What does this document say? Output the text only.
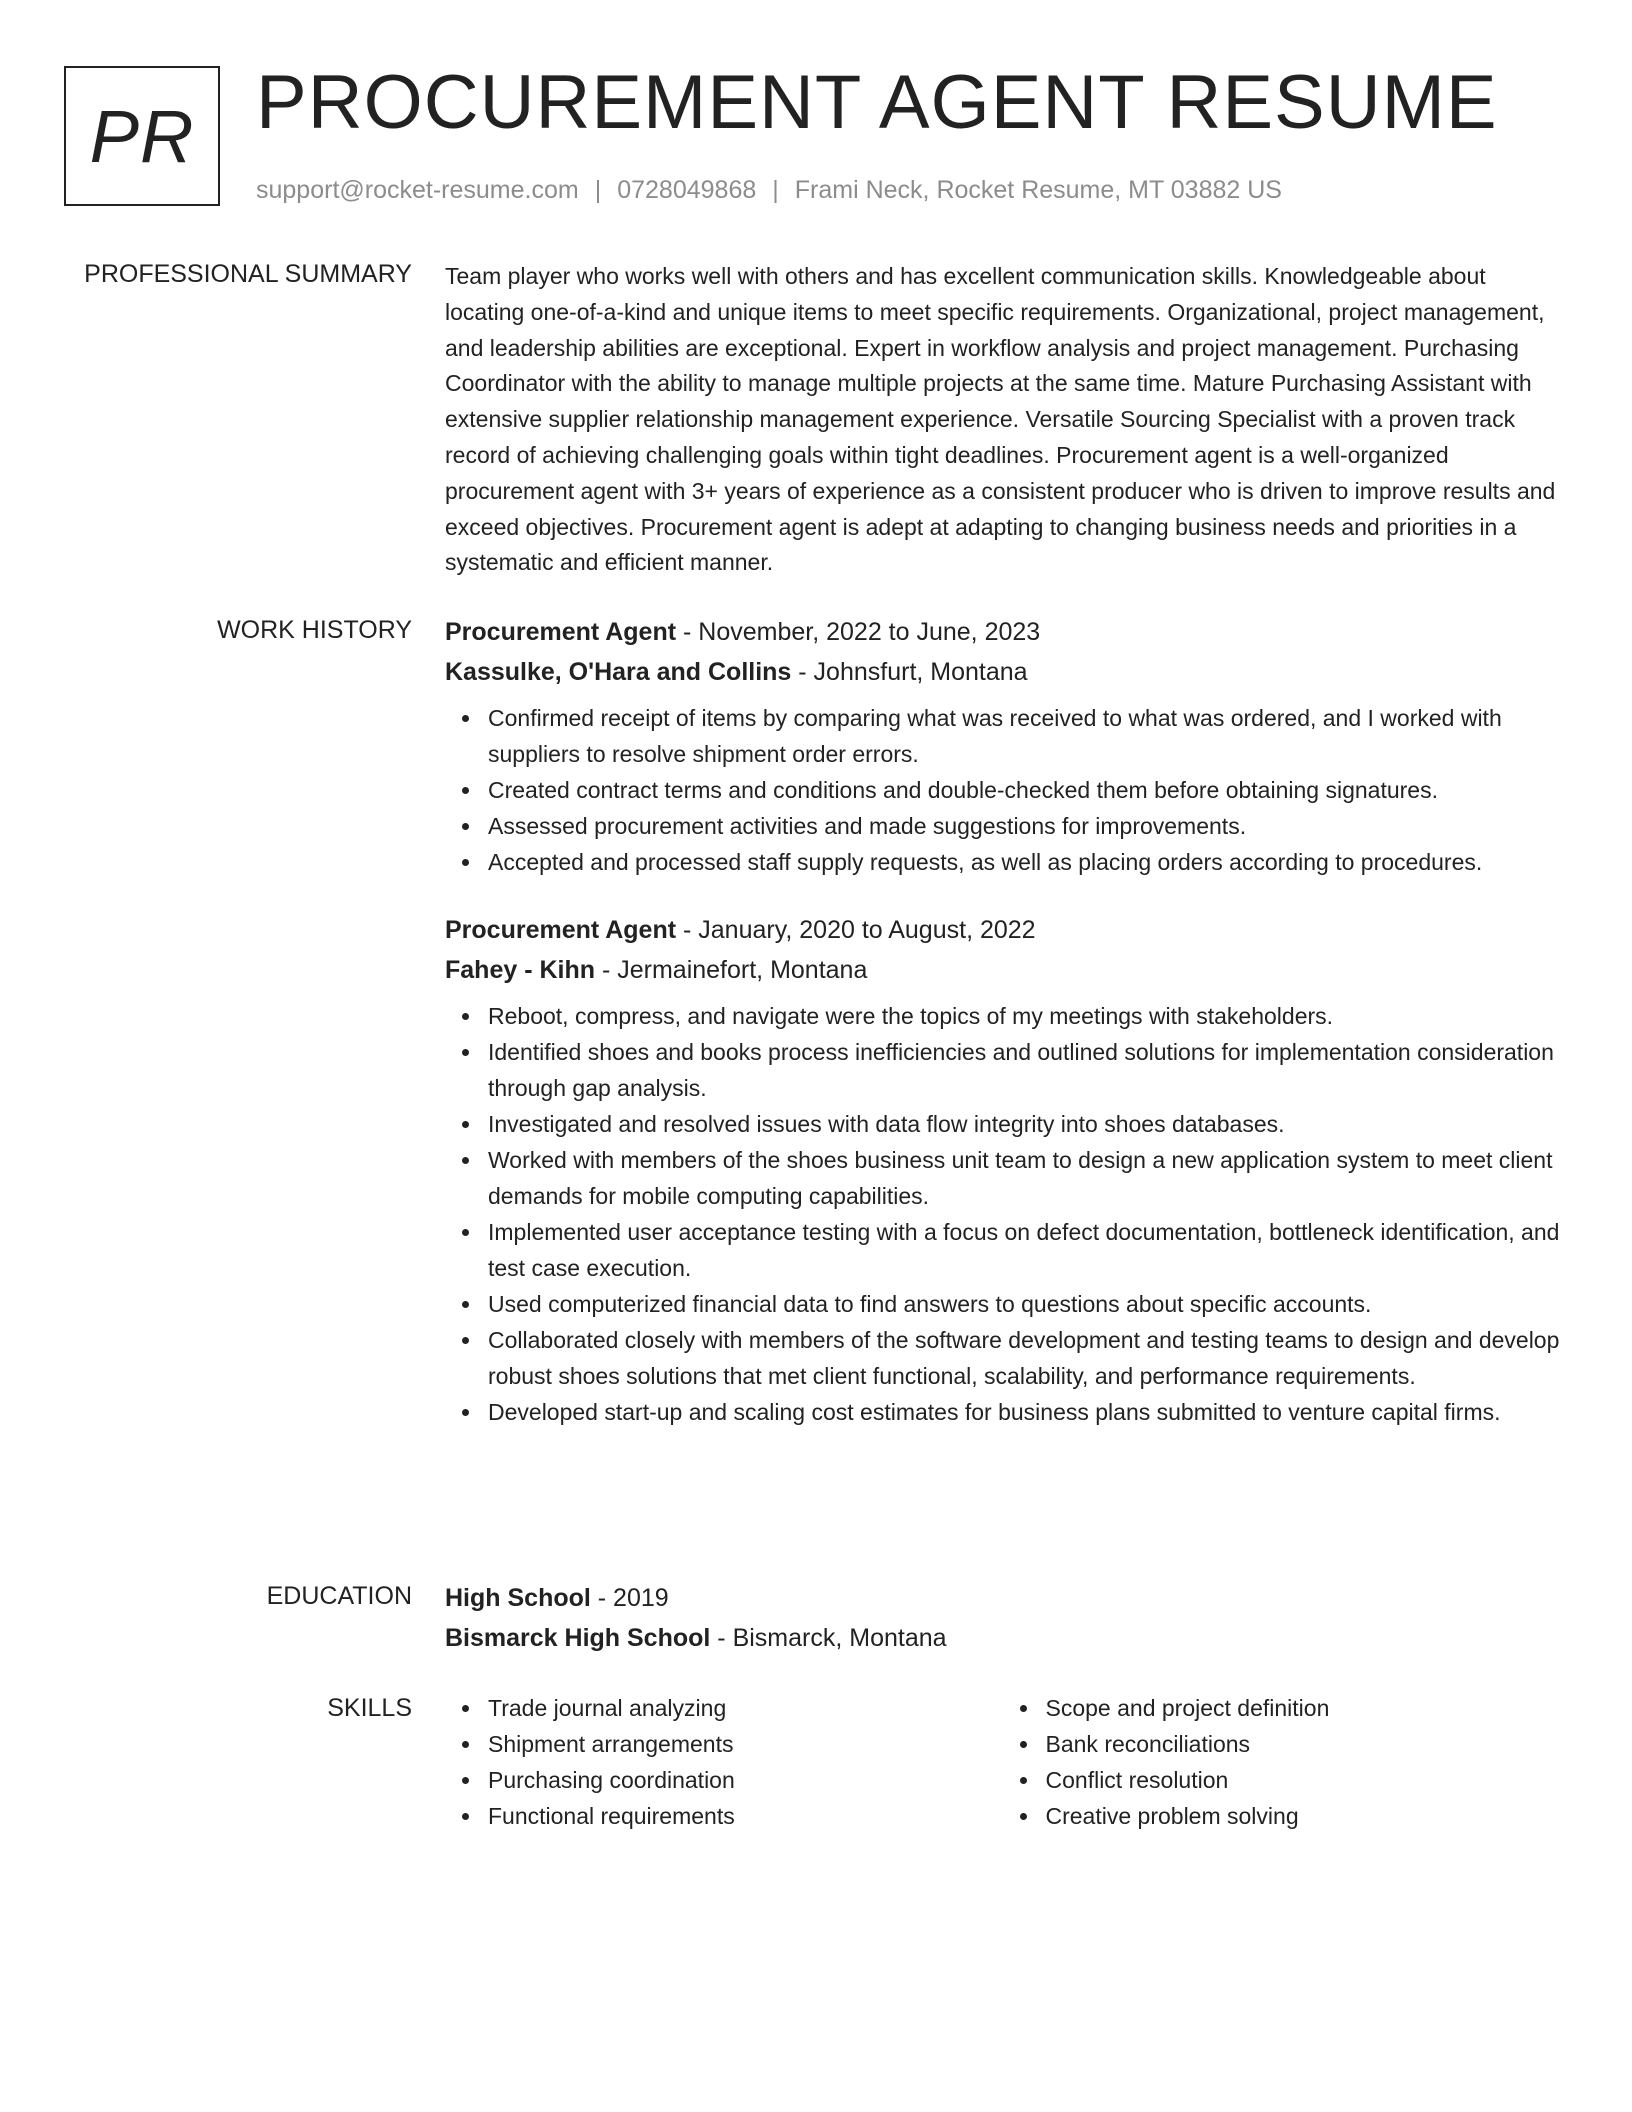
PR PROCUREMENT AGENT RESUME
support@rocket-resume.com | 0728049868 | Frami Neck, Rocket Resume, MT 03882 US
PROFESSIONAL SUMMARY Team player who works well with others and has excellent communication skills. Knowledgeable about locating one-of-a-kind and unique items to meet specific requirements. Organizational, project management, and leadership abilities are exceptional. Expert in workflow analysis and project management. Purchasing Coordinator with the ability to manage multiple projects at the same time. Mature Purchasing Assistant with extensive supplier relationship management experience. Versatile Sourcing Specialist with a proven track record of achieving challenging goals within tight deadlines. Procurement agent is a well-organized procurement agent with 3+ years of experience as a consistent producer who is driven to improve results and exceed objectives. Procurement agent is adept at adapting to changing business needs and priorities in a systematic and efficient manner.

WORK HISTORY Procurement Agent - November, 2022 to June, 2023
Kassulke, O'Hara and Collins - Johnsfurt, Montana
Confirmed receipt of items by comparing what was received to what was ordered, and I worked with suppliers to resolve shipment order errors.
Created contract terms and conditions and double-checked them before obtaining signatures.
Assessed procurement activities and made suggestions for improvements.
Accepted and processed staff supply requests, as well as placing orders according to procedures.
Procurement Agent - January, 2020 to August, 2022
Fahey - Kihn - Jermainefort, Montana
Reboot, compress, and navigate were the topics of my meetings with stakeholders.
Identified shoes and books process inefficiencies and outlined solutions for implementation consideration through gap analysis.
Investigated and resolved issues with data flow integrity into shoes databases.
Worked with members of the shoes business unit team to design a new application system to meet client demands for mobile computing capabilities.
Implemented user acceptance testing with a focus on defect documentation, bottleneck identification, and test case execution.
Used computerized financial data to find answers to questions about specific accounts.
Collaborated closely with members of the software development and testing teams to design and develop robust shoes solutions that met client functional, scalability, and performance requirements.
Developed start-up and scaling cost estimates for business plans submitted to venture capital firms.
EDUCATION High School - 2019
Bismarck High School - Bismarck, Montana
SKILLS	Trade journal analyzing
Shipment arrangements
Purchasing coordination
Functional requirements
Scope and project definition
Bank reconciliations
Conflict resolution
Creative problem solving
